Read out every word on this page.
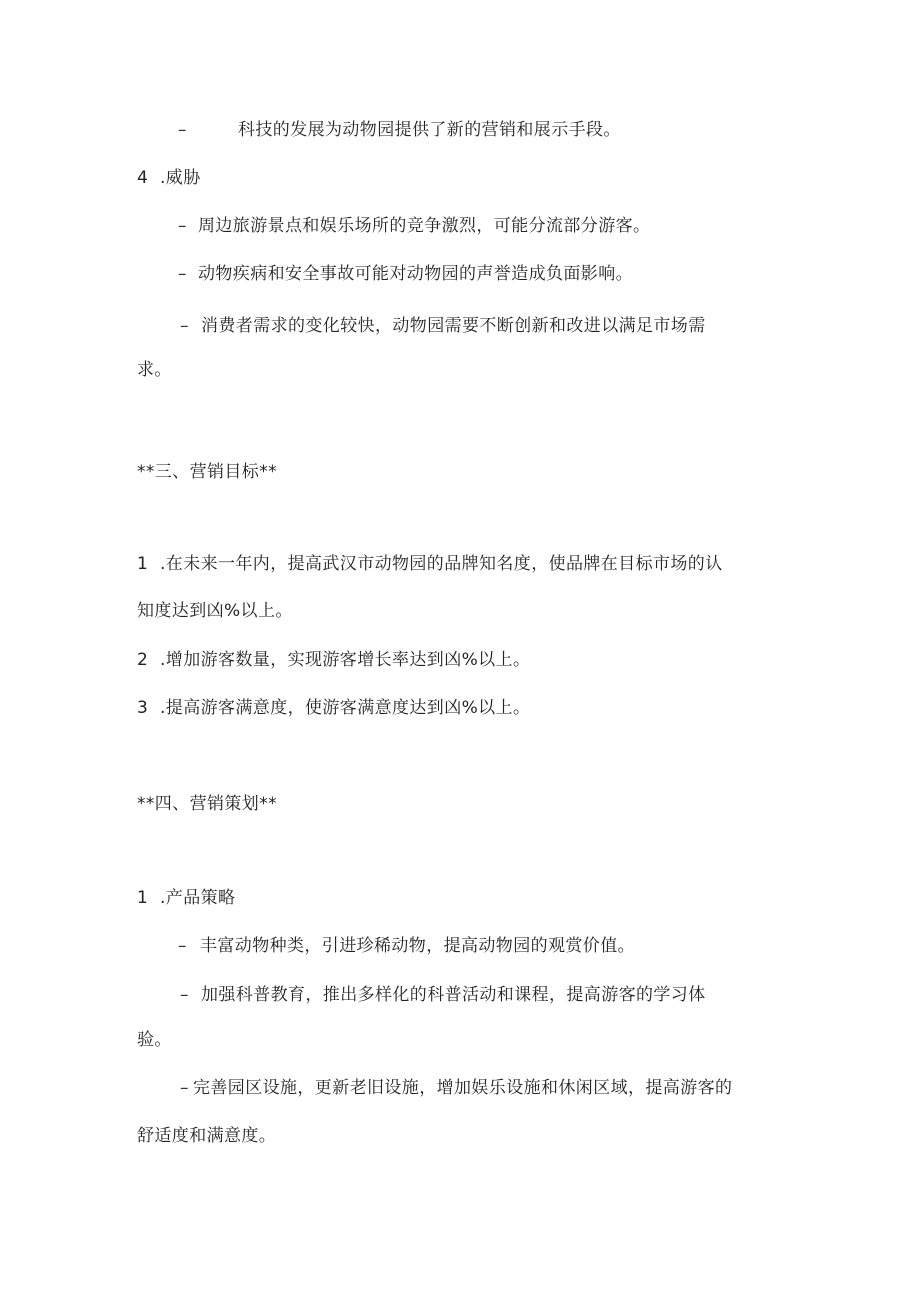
–	科技的发展为动物园提供了新的营销和展示手段。
4 .威胁
– 周边旅游景点和娱乐场所的竞争激烈，可能分流部分游客。
– 动物疾病和安全事故可能对动物园的声誉造成负面影响。
– 消费者需求的变化较快，动物园需要不断创新和改进以满足市场需
求。
**三、营销目标**
1 .在未来一年内，提高武汉市动物园的品牌知名度，使品牌在目标市场的认
知度达到凶%以上。
2 .增加游客数量，实现游客增长率达到凶%以上。
3 .提高游客满意度，使游客满意度达到凶%以上。
**四、营销策划**
1 .产品策略
– 丰富动物种类，引进珍稀动物，提高动物园的观赏价值。
– 加强科普教育，推出多样化的科普活动和课程，提高游客的学习体
验。
– 完善园区设施，更新老旧设施，增加娱乐设施和休闲区域，提高游客的
舒适度和满意度。
